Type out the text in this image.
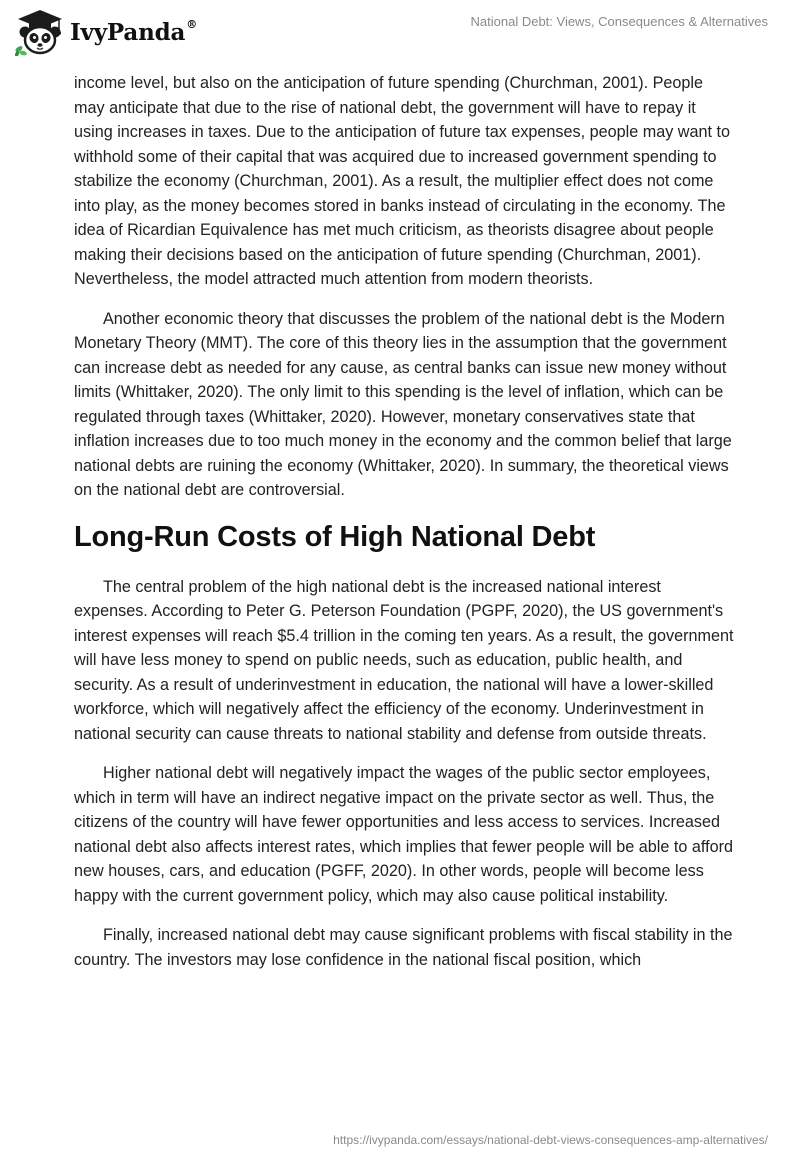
IvyPanda®	National Debt: Views, Consequences & Alternatives

income level, but also on the anticipation of future spending (Churchman, 2001). People may anticipate that due to the rise of national debt, the government will have to repay it using increases in taxes. Due to the anticipation of future tax expenses, people may want to withhold some of their capital that was acquired due to increased government spending to stabilize the economy (Churchman, 2001). As a result, the multiplier effect does not come into play, as the money becomes stored in banks instead of circulating in the economy. The idea of Ricardian Equivalence has met much criticism, as theorists disagree about people making their decisions based on the anticipation of future spending (Churchman, 2001). Nevertheless, the model attracted much attention from modern theorists.

Another economic theory that discusses the problem of the national debt is the Modern Monetary Theory (MMT). The core of this theory lies in the assumption that the government can increase debt as needed for any cause, as central banks can issue new money without limits (Whittaker, 2020). The only limit to this spending is the level of inflation, which can be regulated through taxes (Whittaker, 2020). However, monetary conservatives state that inflation increases due to too much money in the economy and the common belief that large national debts are ruining the economy (Whittaker, 2020). In summary, the theoretical views on the national debt are controversial.

Long-Run Costs of High National Debt

The central problem of the high national debt is the increased national interest expenses. According to Peter G. Peterson Foundation (PGPF, 2020), the US government's interest expenses will reach $5.4 trillion in the coming ten years. As a result, the government will have less money to spend on public needs, such as education, public health, and security. As a result of underinvestment in education, the national will have a lower-skilled workforce, which will negatively affect the efficiency of the economy. Underinvestment in national security can cause threats to national stability and defense from outside threats.

Higher national debt will negatively impact the wages of the public sector employees, which in term will have an indirect negative impact on the private sector as well. Thus, the citizens of the country will have fewer opportunities and less access to services. Increased national debt also affects interest rates, which implies that fewer people will be able to afford new houses, cars, and education (PGFF, 2020). In other words, people will become less happy with the current government policy, which may also cause political instability.

Finally, increased national debt may cause significant problems with fiscal stability in the country. The investors may lose confidence in the national fiscal position, which

https://ivypanda.com/essays/national-debt-views-consequences-amp-alternatives/
